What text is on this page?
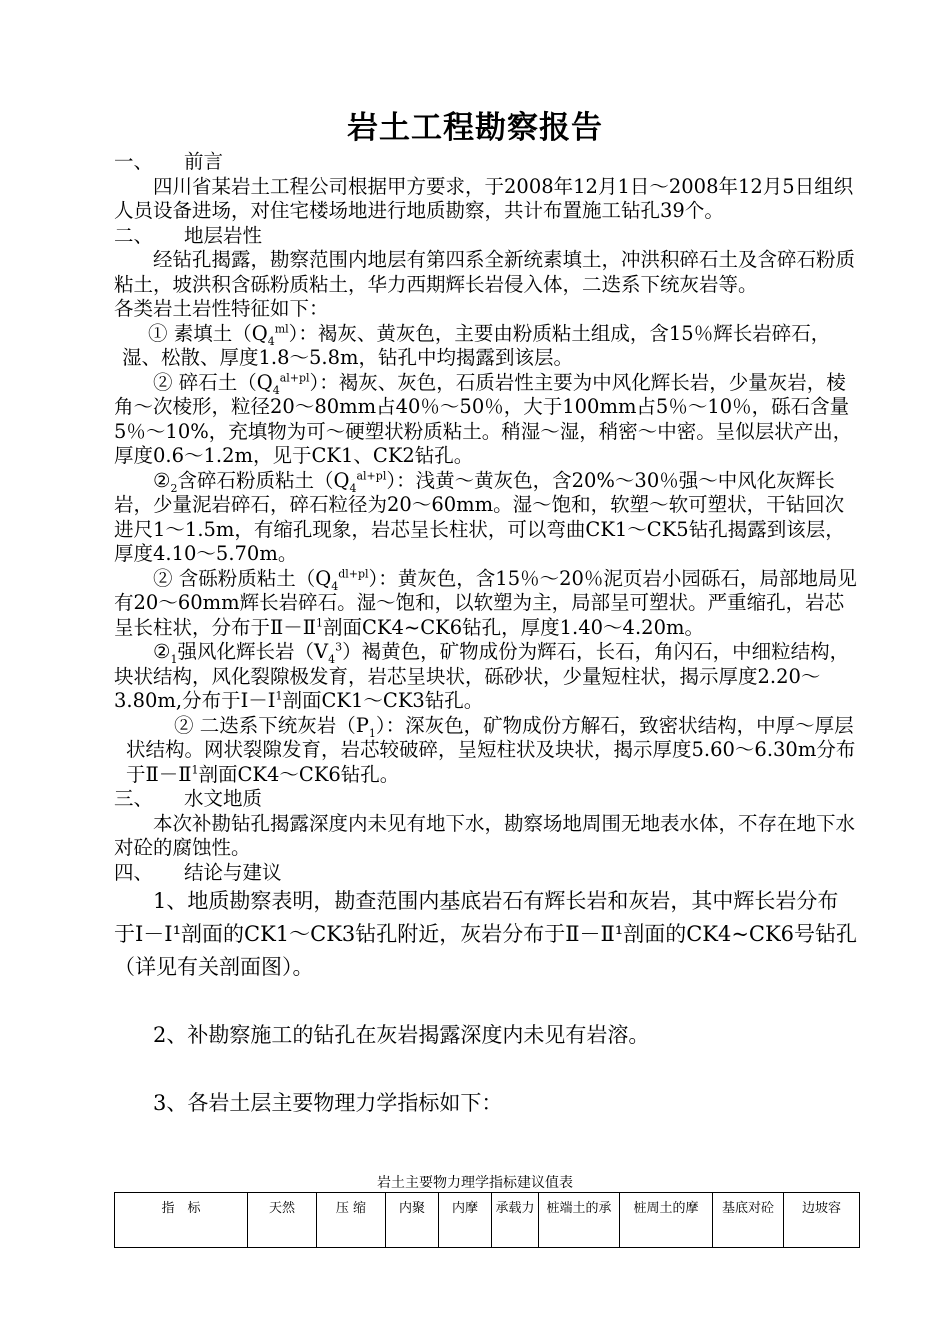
岩土工程勘察报告

一、 前言

四川省某岩土工程公司根据甲方要求，于2008年12月1日～2008年12月5日组织人员设备进场，对住宅楼场地进行地质勘察，共计布置施工钻孔39个。

二、 地层岩性

经钻孔揭露，勘察范围内地层有第四系全新统素填土，冲洪积碎石土及含碎石粉质粘土，坡洪积含砾粉质粘土，华力西期辉长岩侵入体，二迭系下统灰岩等。

各类岩土岩性特征如下：

① 素填土$(Q_4^{ml})$：褐灰、黄灰色，主要由粉质粘土组成，含15％辉长岩碎石，湿、松散、厚度1.8～5.8m，钻孔中均揭露到该层。

② 碎石土$(Q_4^{al+pl})$：褐灰、灰色，石质岩性主要为中风化辉长岩，少量灰岩，棱角～次棱形，粒径20～80mm占40％～50％，大于100mm占5％～10％，砾石含量5％～10%，充填物为可～硬塑状粉质粘土。稍湿～湿，稍密～中密。呈似层状产出，厚度0.6～1.2m，见于CK1、CK2钻孔。

$②_2$含碎石粉质粘土$(Q_4^{al+pl})$：浅黄～黄灰色，含20%～30％强～中风化灰辉长岩，少量泥岩碎石，碎石粒径为20～60mm。湿～饱和，软塑～软可塑状，干钻回次进尺1～1.5m，有缩孔现象，岩芯呈长柱状，可以弯曲CK1～CK5钻孔揭露到该层，厚度4.10～5.70m。

② 含砾粉质粘土$(Q_4^{dl+pl})$：黄灰色，含15％～20％泥页岩小园砾石，局部地局见有20～60mm辉长岩碎石。湿～饱和，以软塑为主，局部呈可塑状。严重缩孔，岩芯呈长柱状，分布于Ⅱ－Ⅱ$^1$剖面CK4~CK6钻孔，厚度1.40～4.20m。

$②_1$强风化辉长岩$(V_4^3)$褐黄色，矿物成份为辉石，长石，角闪石，中细粒结构，块状结构，风化裂隙极发育，岩芯呈块状，砾砂状，少量短柱状，揭示厚度2.20～3.80m,分布于Ⅰ－Ⅰ$^1$剖面CK1～CK3钻孔。

② 二迭系下统灰岩$(P_1)$：深灰色，矿物成份方解石，致密状结构，中厚～厚层状结构。网状裂隙发育，岩芯较破碎，呈短柱状及块状，揭示厚度5.60～6.30m分布于Ⅱ－Ⅱ$^1$剖面CK4～CK6钻孔。

三、 水文地质

本次补勘钻孔揭露深度内未见有地下水，勘察场地周围无地表水体，不存在地下水对砼的腐蚀性。

四、 结论与建议

1、地质勘察表明，勘查范围内基底岩石有辉长岩和灰岩，其中辉长岩分布于Ⅰ－Ⅰ¹剖面的CK1～CK3钻孔附近，灰岩分布于Ⅱ－Ⅱ¹剖面的CK4~CK6号钻孔（详见有关剖面图）。

2、补勘察施工的钻孔在灰岩揭露深度内未见有岩溶。

3、各岩土层主要物理力学指标如下：

岩土主要物力理学指标建议值表
指　标	天然	压 缩	内聚	内摩	承载力	桩端土的承	桩周土的摩	基底对砼	边坡容
